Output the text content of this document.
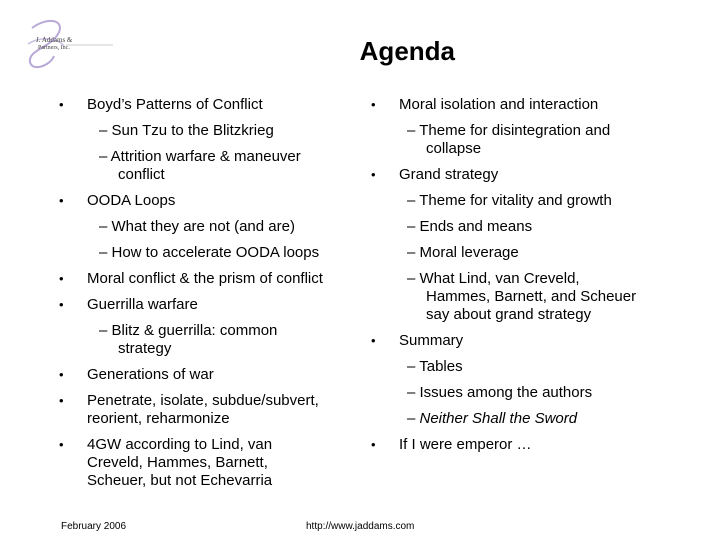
J. Addams &
Partners, Inc.	Agenda
• Boyd’s Patterns of Conflict
– Sun Tzu to the Blitzkrieg
– Attrition warfare & maneuver
conflict
• OODA Loops
– What they are not (and are)
– How to accelerate OODA loops
• Moral conflict & the prism of conflict
• Guerrilla warfare
– Blitz & guerrilla: common
strategy
• Generations of war
• Penetrate, isolate, subdue/subvert,
reorient, reharmonize
• 4GW according to Lind, van
Creveld, Hammes, Barnett,
Scheuer, but not Echevarria
• Moral isolation and interaction
– Theme for disintegration and
collapse
• Grand strategy
– Theme for vitality and growth
– Ends and means
– Moral leverage
– What Lind, van Creveld,
Hammes, Barnett, and Scheuer
say about grand strategy
• Summary
– Tables
– Issues among the authors
– Neither Shall the Sword
• If I were emperor …
February 2006	http://www.jaddams.com
